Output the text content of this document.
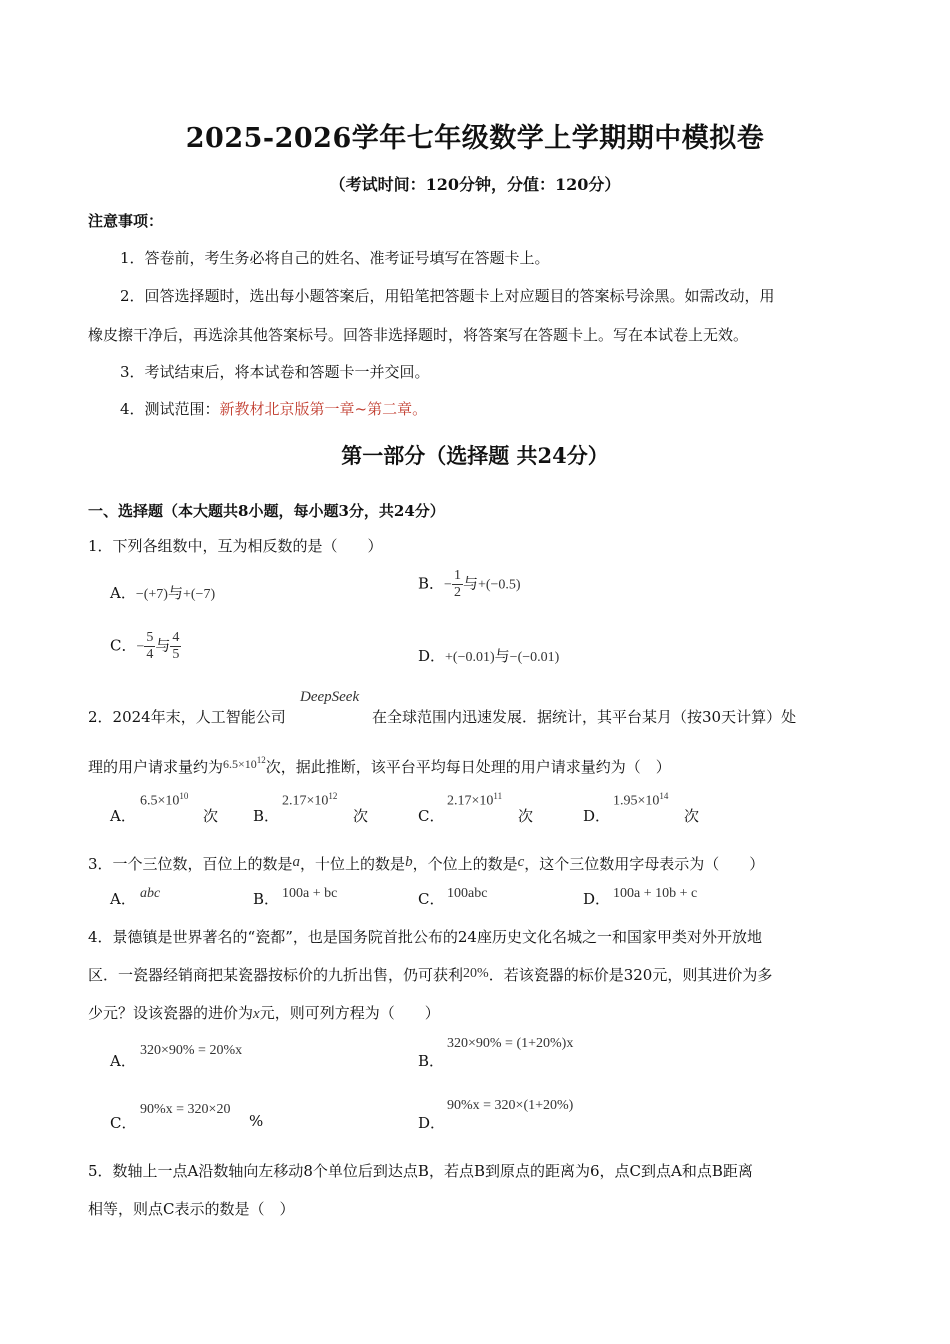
2025-2026学年七年级数学上学期期中模拟卷
（考试时间：120分钟，分值：120分）
注意事项：
1．答卷前，考生务必将自己的姓名、准考证号填写在答题卡上。
2．回答选择题时，选出每小题答案后，用铅笔把答题卡上对应题目的答案标号涂黑。如需改动，用
橡皮擦干净后，再选涂其他答案标号。回答非选择题时，将答案写在答题卡上。写在本试卷上无效。
3．考试结束后，将本试卷和答题卡一并交回。
4．测试范围：新教材北京版第一章~第二章。
第一部分（选择题 共24分）
一、选择题（本大题共8小题，每小题3分，共24分）
1．下列各组数中，互为相反数的是（　　）
A．−(+7)与+(−7)
B．− $\frac{1}{2}$ 与+(−0.5)
C．− $\frac{5}{4}$ 与 $\frac{4}{5}$	D．+(−0.01)与−(−0.01)
DeepSeek
2．2024年末，人工智能公司	在全球范围内迅速发展．据统计，其平台某月（按30天计算）处
理的用户请求量约为$^{6.5\times 10^{12}}$次，据此推断，该平台平均每日处理的用户请求量约为（　）
A．
$6.5\times 10^{10}$
次 B．
$2.17\times 10^{12}$
次	C．
$2.17\times 10^{11}$
次	D．
$1.95\times 10^{14}$
次
3．一个三位数，百位上的数是a，十位上的数是b，个位上的数是c，这个三位数用字母表示为（　　）
A． abc	B． 100a + bc	C． 100abc	D． 100a + 10b + c
4．景德镇是世界著名的“瓷都”，也是国务院首批公布的24座历史文化名城之一和国家甲类对外开放地
区．一瓷器经销商把某瓷器按标价的九折出售，仍可获利20%．若该瓷器的标价是320元，则其进价为多
少元？设该瓷器的进价为x元，则可列方程为（　　）
A．
320×90% = 20%x
B．
320×90% = (1+20%)x
C．
90%x = 320×20
%	D．
90%x = 320×(1+20%)
5．数轴上一点A沿数轴向左移动8个单位后到达点B，若点B到原点的距离为6，点C到点A和点B距离
相等，则点C表示的数是（　）
